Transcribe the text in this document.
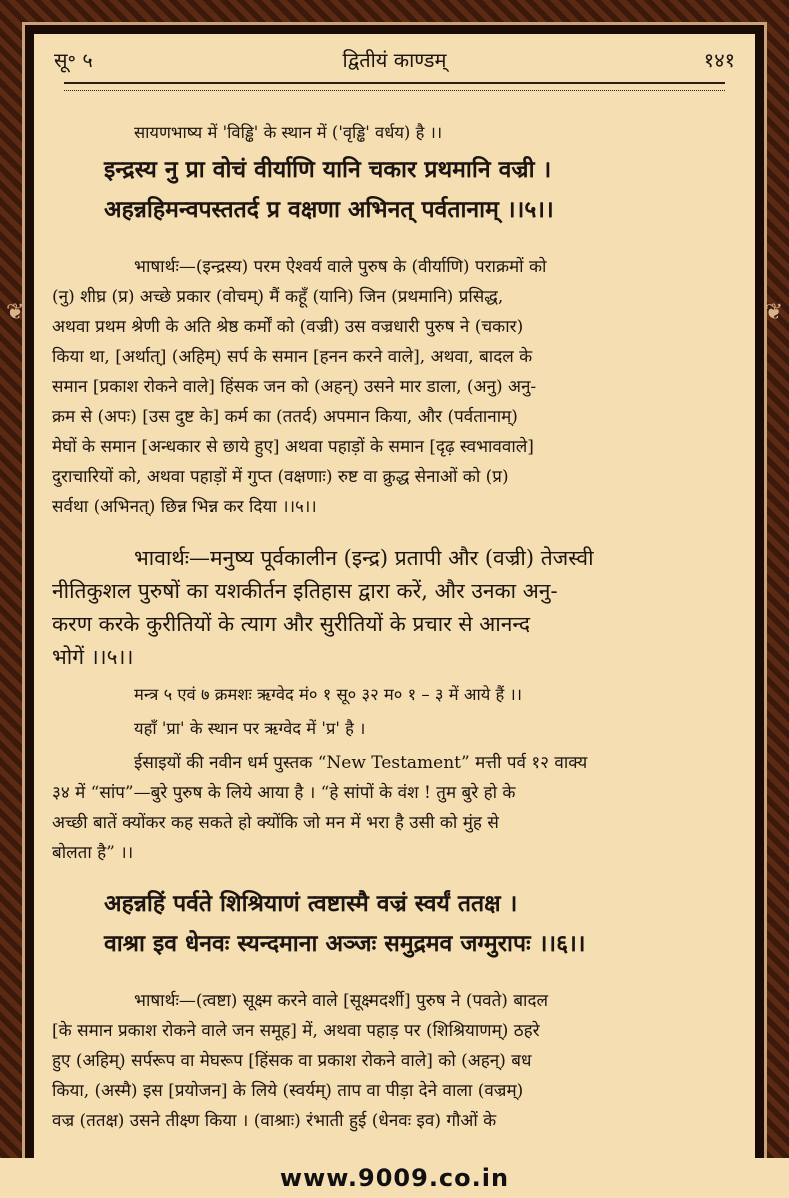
❦	❦
सू॰ ५	द्वितीयं काण्डम्	१४१
सायणभाष्य में 'विड्ढि' के स्थान में ('वृड्ढि' वर्धय) है ।।
इन्द्रस्य नु प्रा वोचं वीर्याणि यानि चकार प्रथमानि वज्री ।
अहन्नहिमन्वपस्ततर्द प्र वक्षणा अभिनत् पर्वतानाम् ।।५।।
भाषार्थः—(इन्द्रस्य) परम ऐश्वर्य वाले पुरुष के (वीर्याणि) पराक्रमों को
(नु) शीघ्र (प्र) अच्छे प्रकार (वोचम्) मैं कहूँ (यानि) जिन (प्रथमानि) प्रसिद्ध,
अथवा प्रथम श्रेणी के अति श्रेष्ठ कर्मों को (वज्री) उस वज्रधारी पुरुष ने (चकार)
किया था, [अर्थात्] (अहिम्) सर्प के समान [हनन करने वाले], अथवा, बादल के
समान [प्रकाश रोकने वाले] हिंसक जन को (अहन्) उसने मार डाला, (अनु) अनु-
क्रम से (अपः) [उस दुष्ट के] कर्म का (ततर्द) अपमान किया, और (पर्वतानाम्)
मेघों के समान [अन्धकार से छाये हुए] अथवा पहाड़ों के समान [दृढ़ स्वभाववाले]
दुराचारियों को, अथवा पहाड़ों में गुप्त (वक्षणाः) रुष्ट वा क्रुद्ध सेनाओं को (प्र)
सर्वथा (अभिनत्) छिन्न भिन्न कर दिया ।।५।।
भावार्थः—मनुष्य पूर्वकालीन (इन्द्र) प्रतापी और (वज्री) तेजस्वी
नीतिकुशल पुरुषों का यशकीर्तन इतिहास द्वारा करें, और उनका अनु-
करण करके कुरीतियों के त्याग और सुरीतियों के प्रचार से आनन्द
भोगें ।।५।।
मन्त्र ५ एवं ७ क्रमशः ऋग्वेद मं० १ सू० ३२ म० १ – ३ में आये हैं ।।
यहाँ 'प्रा' के स्थान पर ऋग्वेद में 'प्र' है ।
ईसाइयों की नवीन धर्म पुस्तक “New Testament” मत्ती पर्व १२ वाक्य
३४ में “सांप”—बुरे पुरुष के लिये आया है । “हे सांपों के वंश ! तुम बुरे हो के
अच्छी बातें क्योंकर कह सकते हो क्योंकि जो मन में भरा है उसी को मुंह से
बोलता है” ।।
अहन्नहिं पर्वते शिश्रियाणं त्वष्टास्मै वज्रं स्वर्यं ततक्ष ।
वाश्रा इव धेनवः स्यन्दमाना अञ्जः समुद्रमव जग्मुरापः ।।६।।
भाषार्थः—(त्वष्टा) सूक्ष्म करने वाले [सूक्ष्मदर्शी] पुरुष ने (पवते) बादल
[के समान प्रकाश रोकने वाले जन समूह] में, अथवा पहाड़ पर (शिश्रियाणम्) ठहरे
हुए (अहिम्) सर्परूप वा मेघरूप [हिंसक वा प्रकाश रोकने वाले] को (अहन्) बध
किया, (अस्मै) इस [प्रयोजन] के लिये (स्वर्यम्) ताप वा पीड़ा देने वाला (वज्रम्)
वज्र (ततक्ष) उसने तीक्ष्ण किया । (वाश्राः) रंभाती हुई (धेनवः इव) गौओं के
www.9009.co.in
